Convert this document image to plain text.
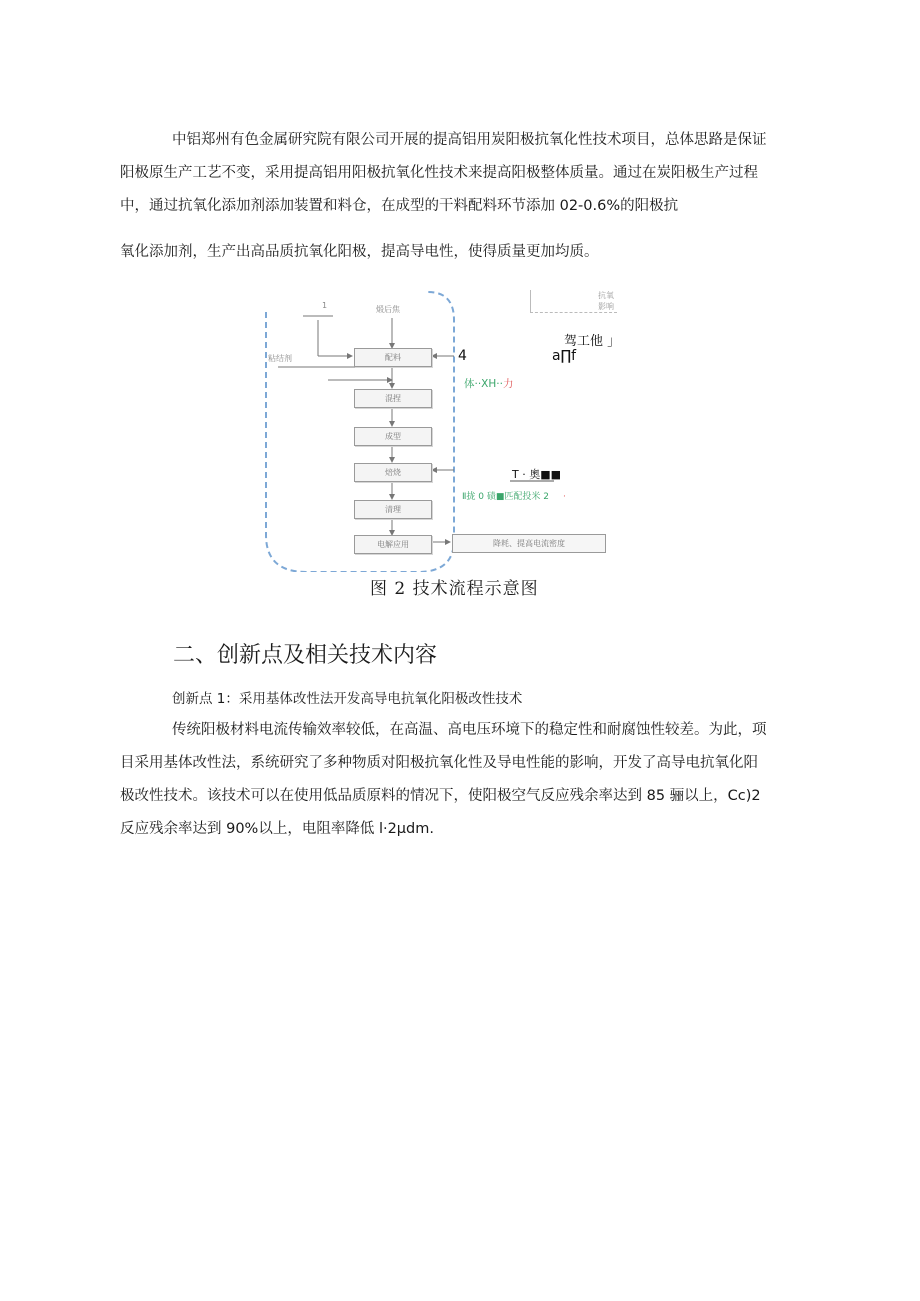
中铝郑州有色金属研究院有限公司开展的提高铝用炭阳极抗氧化性技术项目，总体思路是保证
阳极原生产工艺不变，采用提高铝用阳极抗氧化性技术来提高阳极整体质量。通过在炭阳极生产过程
中，通过抗氧化添加剂添加装置和料仓，在成型的干料配料环节添加 02-0.6%的阳极抗
氧化添加剂，生产出高品质抗氧化阳极，提高导电性，使得质量更加均质。

1	煅后焦
粘结剂	配料
混捏
成型
焙烧
清理
电解应用	降耗、提高电流密度
抗氧
影响
4
驾工他 」
a∏f
体··XH··力
T · 奧■■
Ⅱ拢 0 碛■匹配投米 2 ·
图 2 技术流程示意图
二、创新点及相关技术内容
创新点 1：采用基体改性法开发高导电抗氧化阳极改性技术

传统阳极材料电流传输效率较低，在高温、高电压环境下的稳定性和耐腐蚀性较差。为此，项
目采用基体改性法，系统研究了多种物质对阳极抗氧化性及导电性能的影响，开发了高导电抗氧化阳
极改性技术。该技术可以在使用低品质原料的情况下，使阳极空气反应残余率达到 85 骊以上，Cc)2
反应残余率达到 90%以上，电阻率降低 l·2μdm.
